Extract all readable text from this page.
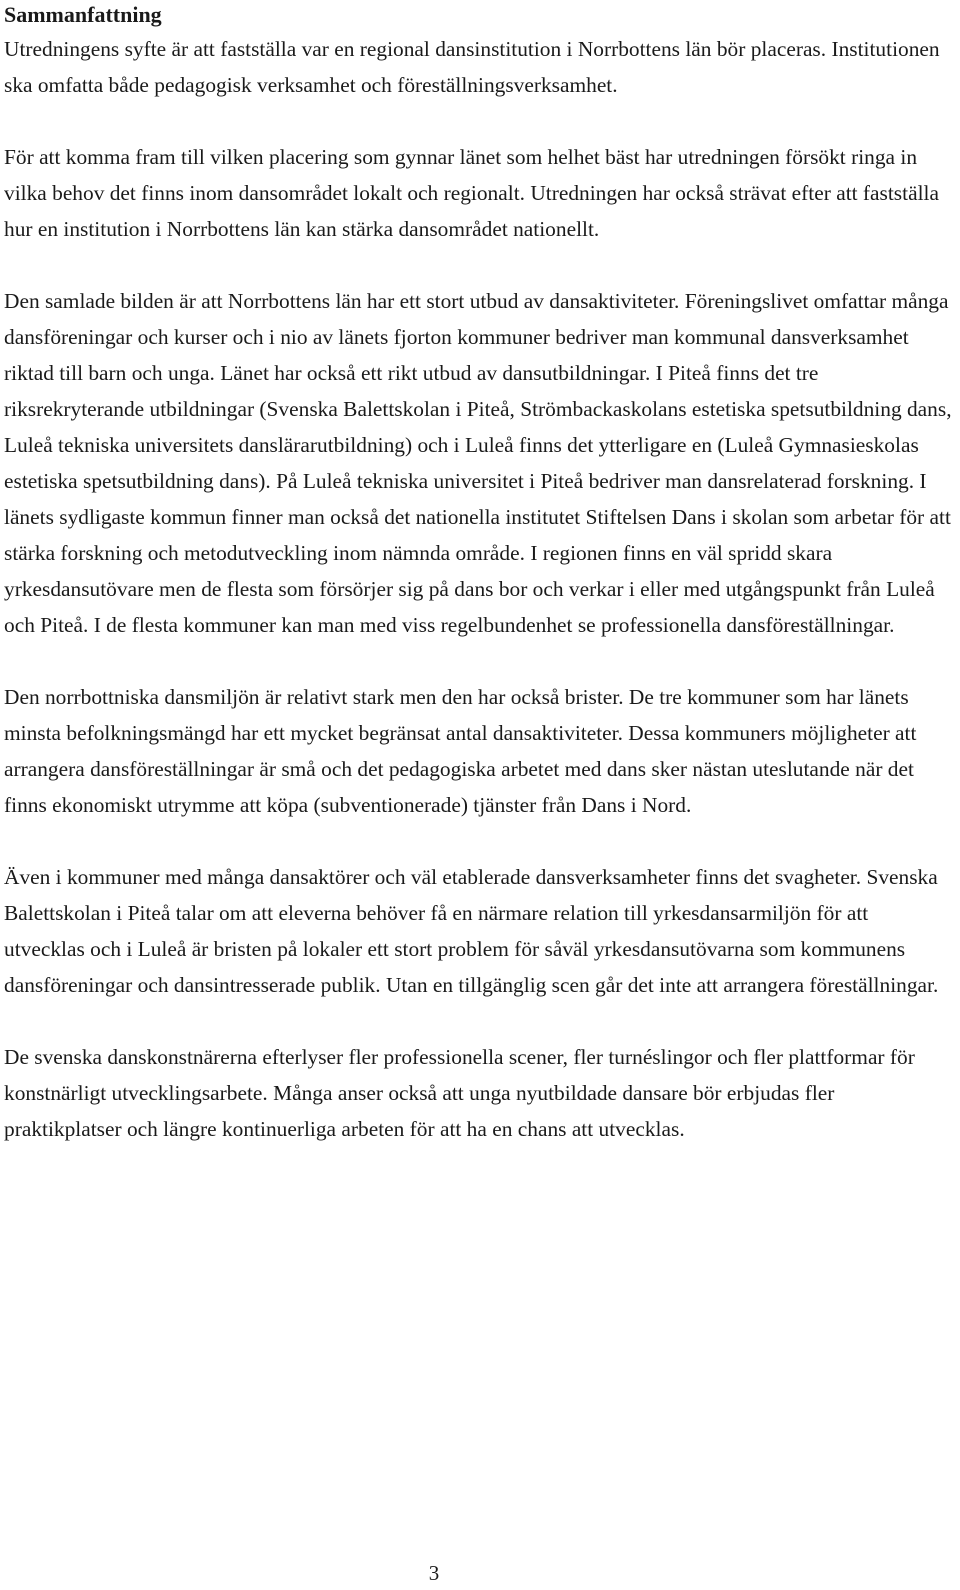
Sammanfattning

Utredningens syfte är att fastställa var en regional dansinstitution i Norrbottens län bör placeras. Institutionen ska omfatta både pedagogisk verksamhet och föreställningsverksamhet.

För att komma fram till vilken placering som gynnar länet som helhet bäst har utredningen försökt ringa in vilka behov det finns inom dansområdet lokalt och regionalt. Utredningen har också strävat efter att fastställa hur en institution i Norrbottens län kan stärka dansområdet nationellt.

Den samlade bilden är att Norrbottens län har ett stort utbud av dansaktiviteter. Föreningslivet omfattar många dansföreningar och kurser och i nio av länets fjorton kommuner bedriver man kommunal dansverksamhet riktad till barn och unga. Länet har också ett rikt utbud av dansutbildningar. I Piteå finns det tre riksrekryterande utbildningar (Svenska Balettskolan i Piteå, Strömbackaskolans estetiska spetsutbildning dans, Luleå tekniska universitets danslärarutbildning) och i Luleå finns det ytterligare en (Luleå Gymnasieskolas estetiska spetsutbildning dans). På Luleå tekniska universitet i Piteå bedriver man dansrelaterad forskning. I länets sydligaste kommun finner man också det nationella institutet Stiftelsen Dans i skolan som arbetar för att stärka forskning och metodutveckling inom nämnda område. I regionen finns en väl spridd skara yrkesdansutövare men de flesta som försörjer sig på dans bor och verkar i eller med utgångspunkt från Luleå och Piteå. I de flesta kommuner kan man med viss regelbundenhet se professionella dansföreställningar.

Den norrbottniska dansmiljön är relativt stark men den har också brister. De tre kommuner som har länets minsta befolkningsmängd har ett mycket begränsat antal dansaktiviteter. Dessa kommuners möjligheter att arrangera dansföreställningar är små och det pedagogiska arbetet med dans sker nästan uteslutande när det finns ekonomiskt utrymme att köpa (subventionerade) tjänster från Dans i Nord.

Även i kommuner med många dansaktörer och väl etablerade dansverksamheter finns det svagheter. Svenska Balettskolan i Piteå talar om att eleverna behöver få en närmare relation till yrkesdansarmiljön för att utvecklas och i Luleå är bristen på lokaler ett stort problem för såväl yrkesdansutövarna som kommunens dansföreningar och dansintresserade publik. Utan en tillgänglig scen går det inte att arrangera föreställningar.

De svenska danskonstnärerna efterlyser fler professionella scener, fler turnéslingor och fler plattformar för konstnärligt utvecklingsarbete. Många anser också att unga nyutbildade dansare bör erbjudas fler praktikplatser och längre kontinuerliga arbeten för att ha en chans att utvecklas.

3
